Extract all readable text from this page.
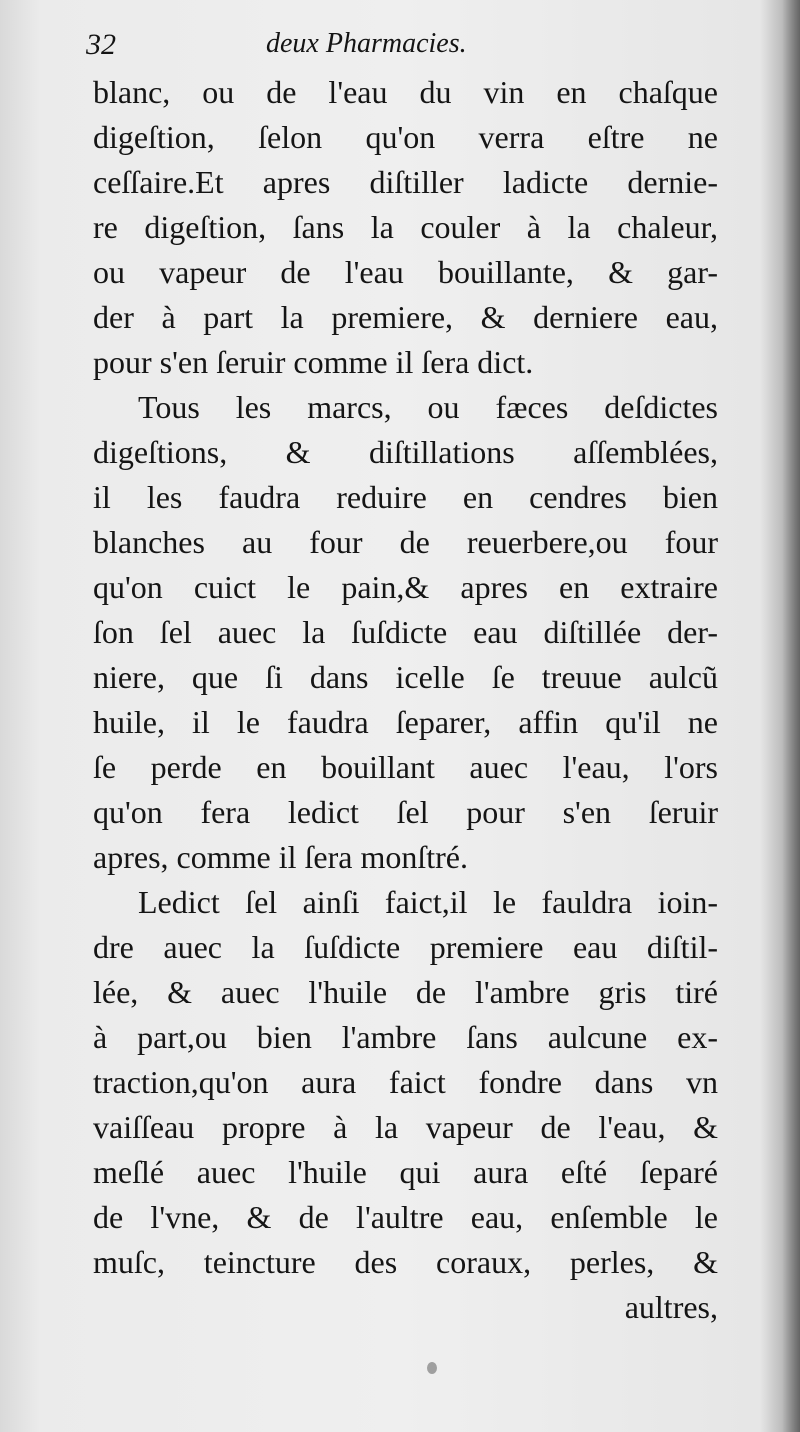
32	deux Pharmacies.
blanc, ou de l'eau du vin en chaſque
digeſtion, ſelon qu'on verra eſtre ne
ceſſaire.Et apres diſtiller ladicte dernie-
re digeſtion, ſans la couler à la chaleur,
ou vapeur de l'eau bouillante, & gar-
der à part la premiere, & derniere eau,
pour s'en ſeruir comme il ſera dict.
Tous les marcs, ou fæces deſdictes
digeſtions, & diſtillations aſſemblées,
il les faudra reduire en cendres bien
blanches au four de reuerbere,ou four
qu'on cuict le pain,& apres en extraire
ſon ſel auec la ſuſdicte eau diſtillée der-
niere, que ſi dans icelle ſe treuue aulcũ
huile, il le faudra ſeparer, affin qu'il ne
ſe perde en bouillant auec l'eau, l'ors
qu'on fera ledict ſel pour s'en ſeruir
apres, comme il ſera monſtré.
Ledict ſel ainſi faict,il le fauldra ioin-
dre auec la ſuſdicte premiere eau diſtil-
lée, & auec l'huile de l'ambre gris tiré
à part,ou bien l'ambre ſans aulcune ex-
traction,qu'on aura faict fondre dans vn
vaiſſeau propre à la vapeur de l'eau, &
meſlé auec l'huile qui aura eſté ſeparé
de l'vne, & de l'aultre eau, enſemble le
muſc, teincture des coraux, perles, &
aultres,
